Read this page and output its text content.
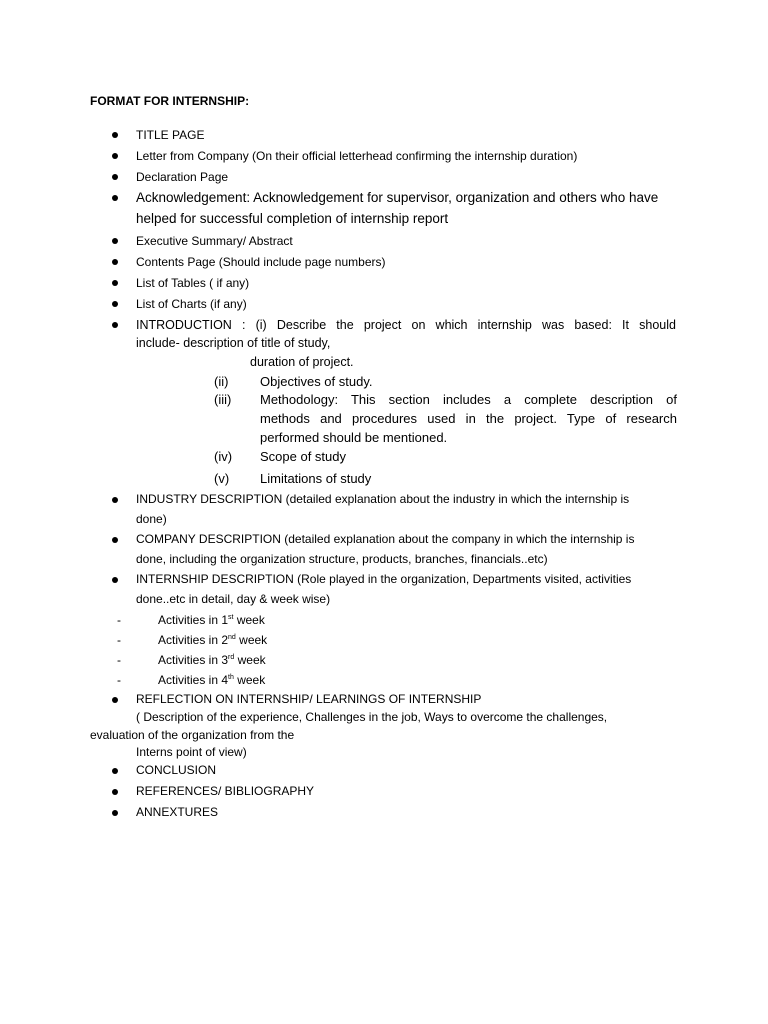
FORMAT FOR INTERNSHIP:
TITLE PAGE
Letter from Company (On their official letterhead confirming the internship duration)
Declaration Page
Acknowledgement: Acknowledgement for supervisor, organization and others who have
helped for successful completion of internship report
Executive Summary/ Abstract
Contents Page (Should include page numbers)
List of Tables ( if any)
List of Charts (if any)
INTRODUCTION : (i) Describe the project on which internship was based: It should
include- description of title of study,
duration of project.
(ii) Objectives of study.
(iii) Methodology: This section includes a complete description of
methods and procedures used in the project. Type of research
performed should be mentioned.
(iv) Scope of study
(v) Limitations of study
INDUSTRY DESCRIPTION (detailed explanation about the industry in which the internship is
done)
COMPANY DESCRIPTION (detailed explanation about the company in which the internship is
done, including the organization structure, products, branches, financials..etc)
INTERNSHIP DESCRIPTION (Role played in the organization, Departments visited, activities
done..etc in detail, day & week wise)
-	Activities in 1st week
-	Activities in 2nd week
-	Activities in 3rd week
-	Activities in 4th week
REFLECTION ON INTERNSHIP/ LEARNINGS OF INTERNSHIP
( Description of the experience, Challenges in the job, Ways to overcome the challenges,
evaluation of the organization from the
Interns point of view)
CONCLUSION
REFERENCES/ BIBLIOGRAPHY
ANNEXTURES
